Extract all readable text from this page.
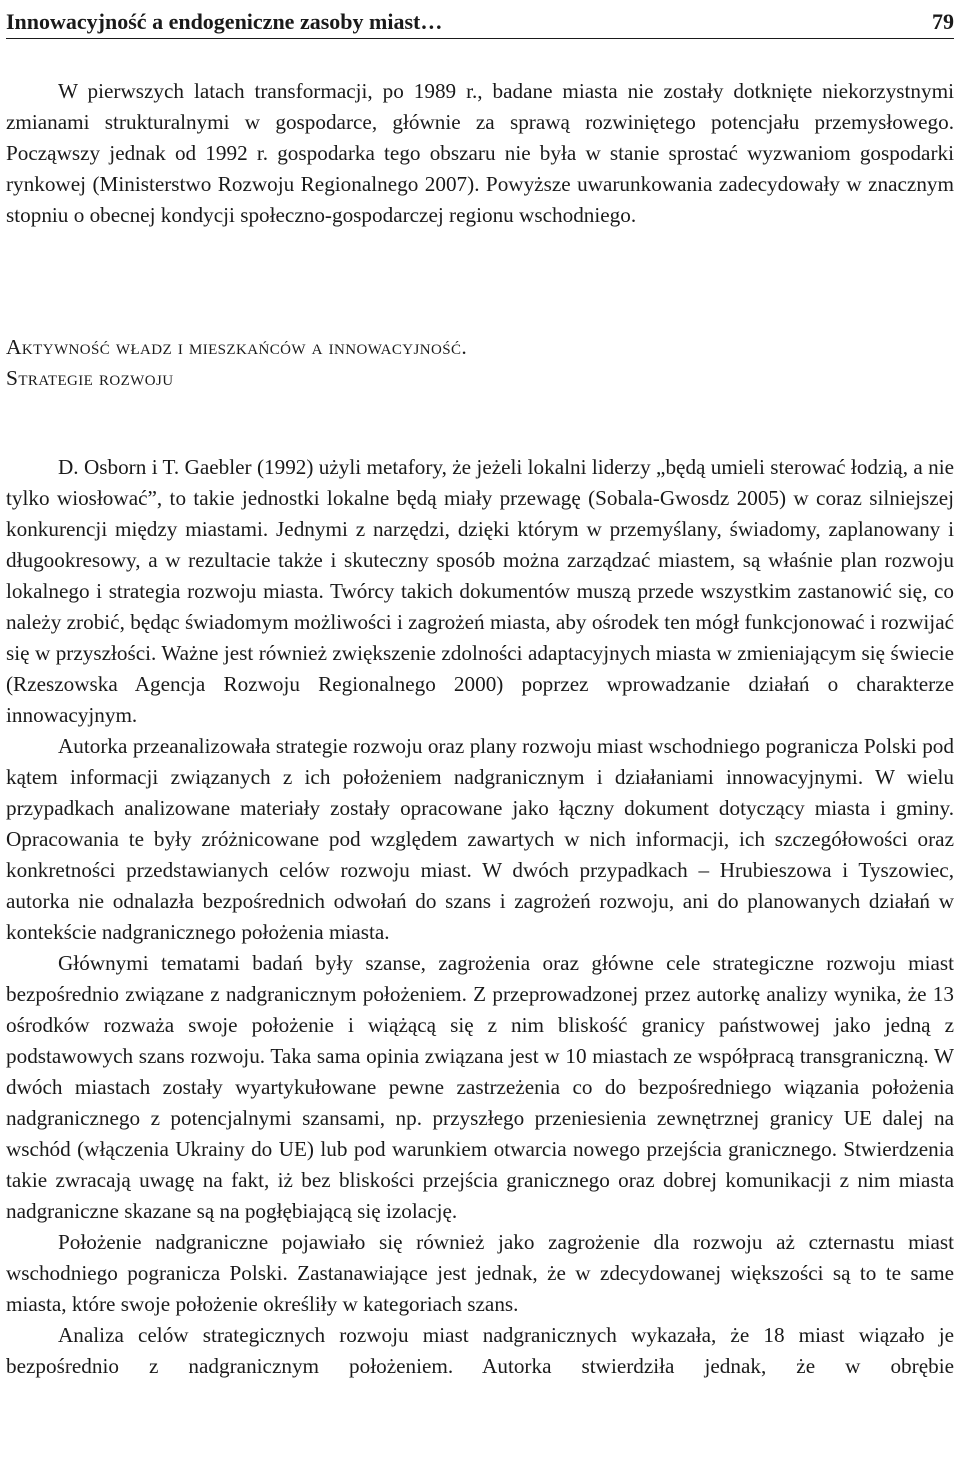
Innowacyjność a endogeniczne zasoby miast…	79

W pierwszych latach transformacji, po 1989 r., badane miasta nie zostały dotknięte niekorzystnymi zmianami strukturalnymi w gospodarce, głównie za sprawą rozwiniętego potencjału przemysłowego. Począwszy jednak od 1992 r. gospodarka tego obszaru nie była w stanie sprostać wyzwaniom gospodarki rynkowej (Ministerstwo Rozwoju Regionalnego 2007). Powyższe uwarunkowania zadecydowały w znacznym stopniu o obecnej kondycji społeczno-gospodarczej regionu wschodniego.

Aktywność władz i mieszkańców a innowacyjność.
Strategie rozwoju

D. Osborn i T. Gaebler (1992) użyli metafory, że jeżeli lokalni liderzy „będą umieli sterować łodzią, a nie tylko wiosłować”, to takie jednostki lokalne będą miały przewagę (Sobala-Gwosdz 2005) w coraz silniejszej konkurencji między miastami. Jednymi z narzędzi, dzięki którym w przemyślany, świadomy, zaplanowany i długookresowy, a w rezultacie także i skuteczny sposób można zarządzać miastem, są właśnie plan rozwoju lokalnego i strategia rozwoju miasta. Twórcy takich dokumentów muszą przede wszystkim zastanowić się, co należy zrobić, będąc świadomym możliwości i zagrożeń miasta, aby ośrodek ten mógł funkcjonować i rozwijać się w przyszłości. Ważne jest również zwiększenie zdolności adaptacyjnych miasta w zmieniającym się świecie (Rzeszowska Agencja Rozwoju Regionalnego 2000) poprzez wprowadzanie działań o charakterze innowacyjnym.

Autorka przeanalizowała strategie rozwoju oraz plany rozwoju miast wschodniego pogranicza Polski pod kątem informacji związanych z ich położeniem nadgranicznym i działaniami innowacyjnymi. W wielu przypadkach analizowane materiały zostały opracowane jako łączny dokument dotyczący miasta i gminy. Opracowania te były zróżnicowane pod względem zawartych w nich informacji, ich szczegółowości oraz konkretności przedstawianych celów rozwoju miast. W dwóch przypadkach – Hrubieszowa i Tyszowiec, autorka nie odnalazła bezpośrednich odwołań do szans i zagrożeń rozwoju, ani do planowanych działań w kontekście nadgranicznego położenia miasta.

Głównymi tematami badań były szanse, zagrożenia oraz główne cele strategiczne rozwoju miast bezpośrednio związane z nadgranicznym położeniem. Z przeprowadzonej przez autorkę analizy wynika, że 13 ośrodków rozważa swoje położenie i wiążącą się z nim bliskość granicy państwowej jako jedną z podstawowych szans rozwoju. Taka sama opinia związana jest w 10 miastach ze współpracą transgraniczną. W dwóch miastach zostały wyartykułowane pewne zastrzeżenia co do bezpośredniego wiązania położenia nadgranicznego z potencjalnymi szansami, np. przyszłego przeniesienia zewnętrznej granicy UE dalej na wschód (włączenia Ukrainy do UE) lub pod warunkiem otwarcia nowego przejścia granicznego. Stwierdzenia takie zwracają uwagę na fakt, iż bez bliskości przejścia granicznego oraz dobrej komunikacji z nim miasta nadgraniczne skazane są na pogłębiającą się izolację.

Położenie nadgraniczne pojawiało się również jako zagrożenie dla rozwoju aż czternastu miast wschodniego pogranicza Polski. Zastanawiające jest jednak, że w zdecydowanej większości są to te same miasta, które swoje położenie określiły w kategoriach szans.

Analiza celów strategicznych rozwoju miast nadgranicznych wykazała, że 18 miast wiązało je bezpośrednio z nadgranicznym położeniem. Autorka stwierdziła jednak, że w obrębie
